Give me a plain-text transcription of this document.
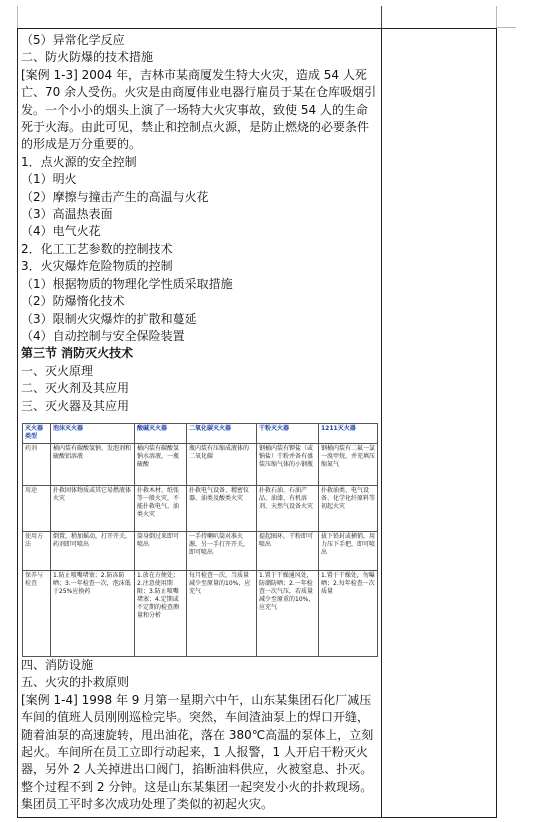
（5）异常化学反应
二、防火防爆的技术措施

[案例 1-3] 2004 年，吉林市某商厦发生特大火灾，造成 54 人死亡、70 余人受伤。火灾是由商厦伟业电器行雇员于某在仓库吸烟引发。一个小小的烟头上演了一场特大火灾事故，致使 54 人的生命死于火海。由此可见，禁止和控制点火源，是防止燃烧的必要条件的形成是万分重要的。

1．点火源的安全控制
（1）明火
（2）摩擦与撞击产生的高温与火花
（3）高温热表面
（4）电气火花
2．化工工艺参数的控制技术
3．火灾爆炸危险物质的控制
（1）根据物质的物理化学性质采取措施
（2）防爆惰化技术
（3）限制火灾爆炸的扩散和蔓延
（4）自动控制与安全保险装置
第三节 消防灭火技术
一、灭火原理
二、灭火剂及其应用
三、灭火器及其应用
灭火器类型	泡沫灭火器	酸碱灭火器	二氧化碳灭火器	干粉灭火器	1211灭火器
药剂	桶内装有碳酸氢钠、发泡剂和硫酸铝溶液	桶内装有碳酸氢钠水溶液，一瓶硫酸	瓶内装有压缩成液体的二氧化碳	钢桶内装有钾盐（或钠盐）干粉并备有盛装压缩气体的小钢瓶	钢桶内装有二氟一氯一溴甲烷，并充填压缩氮气
用途	扑救固体物质或其它易燃液体火灾	扑救木材、纸张等一般火灾，不能扑救电气、油类火灾	扑救电气设备、精密仪器、油类及酸类火灾	扑救石油、石油产品、油漆、有机溶剂、天然气设备火灾	扑救油类、电气设备、化学化纤原料等初起火灾
使用方法	倒置，稍加摇动，打开开关，药剂即可喷出	筒身倒过来即可喷出	一手持喇叭筒对准火源，另一手打开开关，即可喷出	提起圈环，干粉即可喷出	拔下铅封或横销，用力压下手把，即可喷出
保养与检查	1.防止喷嘴堵塞；2.防冻防晒；3.一年检查一次，泡沫低于25%应换药	1.放在方便处；2.注意使用期限；3.防止喷嘴堵塞；4.定期或不定期的检查测量和分析	每月检查一次，当质量减少至原量的10%，应充气	1.置于干燥通风处，防潮防晒；2.一年检查一次气压，若质量减少至原重的10%，应充气	1.置于干燥处，勿曝晒；2.每年检查一次质量
四、消防设施
五、火灾的扑救原则

[案例 1-4] 1998 年 9 月第一星期六中午，山东某集团石化厂减压车间的值班人员刚刚巡检完毕。突然，车间渣油泵上的焊口开缝，随着油泵的高速旋转，甩出油花，落在 380℃高温的泵体上，立刻起火。车间所在员工立即行动起来，1 人报警，1 人开启干粉灭火器，另外 2 人关掉进出口阀门，掐断油料供应，火被窒息、扑灭。整个过程不到 2 分钟。这是山东某集团一起突发小火的扑救现场。集团员工平时多次成功处理了类似的初起火灾。
